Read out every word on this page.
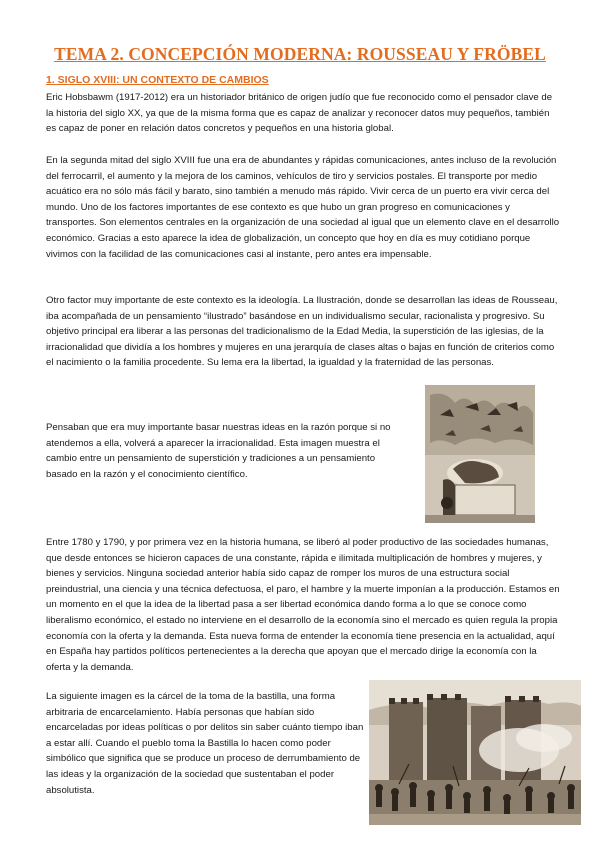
TEMA 2. CONCEPCIÓN MODERNA: ROUSSEAU Y FRÖBEL
1. SIGLO XVIII: UN CONTEXTO DE CAMBIOS

Eric Hobsbawm (1917-2012) era un historiador británico de origen judío que fue reconocido como el pensador clave de la historia del siglo XX, ya que de la misma forma que es capaz de analizar y reconocer datos muy pequeños, también es capaz de poner en relación datos concretos y pequeños en una historia global.

En la segunda mitad del siglo XVIII fue una era de abundantes y rápidas comunicaciones, antes incluso de la revolución del ferrocarril, el aumento y la mejora de los caminos, vehículos de tiro y servicios postales. El transporte por medio acuático era no sólo más fácil y barato, sino también a menudo más rápido. Vivir cerca de un puerto era vivir cerca del mundo. Uno de los factores importantes de ese contexto es que hubo un gran progreso en comunicaciones y transportes. Son elementos centrales en la organización de una sociedad al igual que un elemento clave en el desarrollo económico. Gracias a esto aparece la idea de globalización, un concepto que hoy en día es muy cotidiano porque vivimos con la facilidad de las comunicaciones casi al instante, pero antes era impensable.

Otro factor muy importante de este contexto es la ideología. La Ilustración, donde se desarrollan las ideas de Rousseau, iba acompañada de un pensamiento “ilustrado” basándose en un individualismo secular, racionalista y progresivo. Su objetivo principal era liberar a las personas del tradicionalismo de la Edad Media, la superstición de las iglesias, de la irracionalidad que dividía a los hombres y mujeres en una jerarquía de clases altas o bajas en función de criterios como el nacimiento o la familia procedente. Su lema era la libertad, la igualdad y la fraternidad de las personas.

Pensaban que era muy importante basar nuestras ideas en la razón porque si no atendemos a ella, volverá a aparecer la irracionalidad. Esta imagen muestra el cambio entre un pensamiento de superstición y tradiciones a un pensamiento basado en la razón y el conocimiento científico.

Entre 1780 y 1790, y por primera vez en la historia humana, se liberó al poder productivo de las sociedades humanas, que desde entonces se hicieron capaces de una constante, rápida e ilimitada multiplicación de hombres y mujeres, y bienes y servicios. Ninguna sociedad anterior había sido capaz de romper los muros de una estructura social preindustrial, una ciencia y una técnica defectuosa, el paro, el hambre y la muerte imponían a la producción. Estamos en un momento en el que la idea de la libertad pasa a ser libertad económica dando forma a lo que se conoce como liberalismo económico, el estado no interviene en el desarrollo de la economía sino el mercado es quien regula la propia economía con la oferta y la demanda. Esta nueva forma de entender la economía tiene presencia en la actualidad, aquí en España hay partidos políticos pertenecientes a la derecha que apoyan que el mercado dirige la economía con la oferta y la demanda.

La siguiente imagen es la cárcel de la toma de la bastilla, una forma arbitraria de encarcelamiento. Había personas que habían sido encarceladas por ideas políticas o por delitos sin saber cuánto tiempo iban a estar allí. Cuando el pueblo toma la Bastilla lo hacen como poder simbólico que significa que se produce un proceso de derrumbamiento de las ideas y la organización de la sociedad que sustentaban el poder absolutista.
